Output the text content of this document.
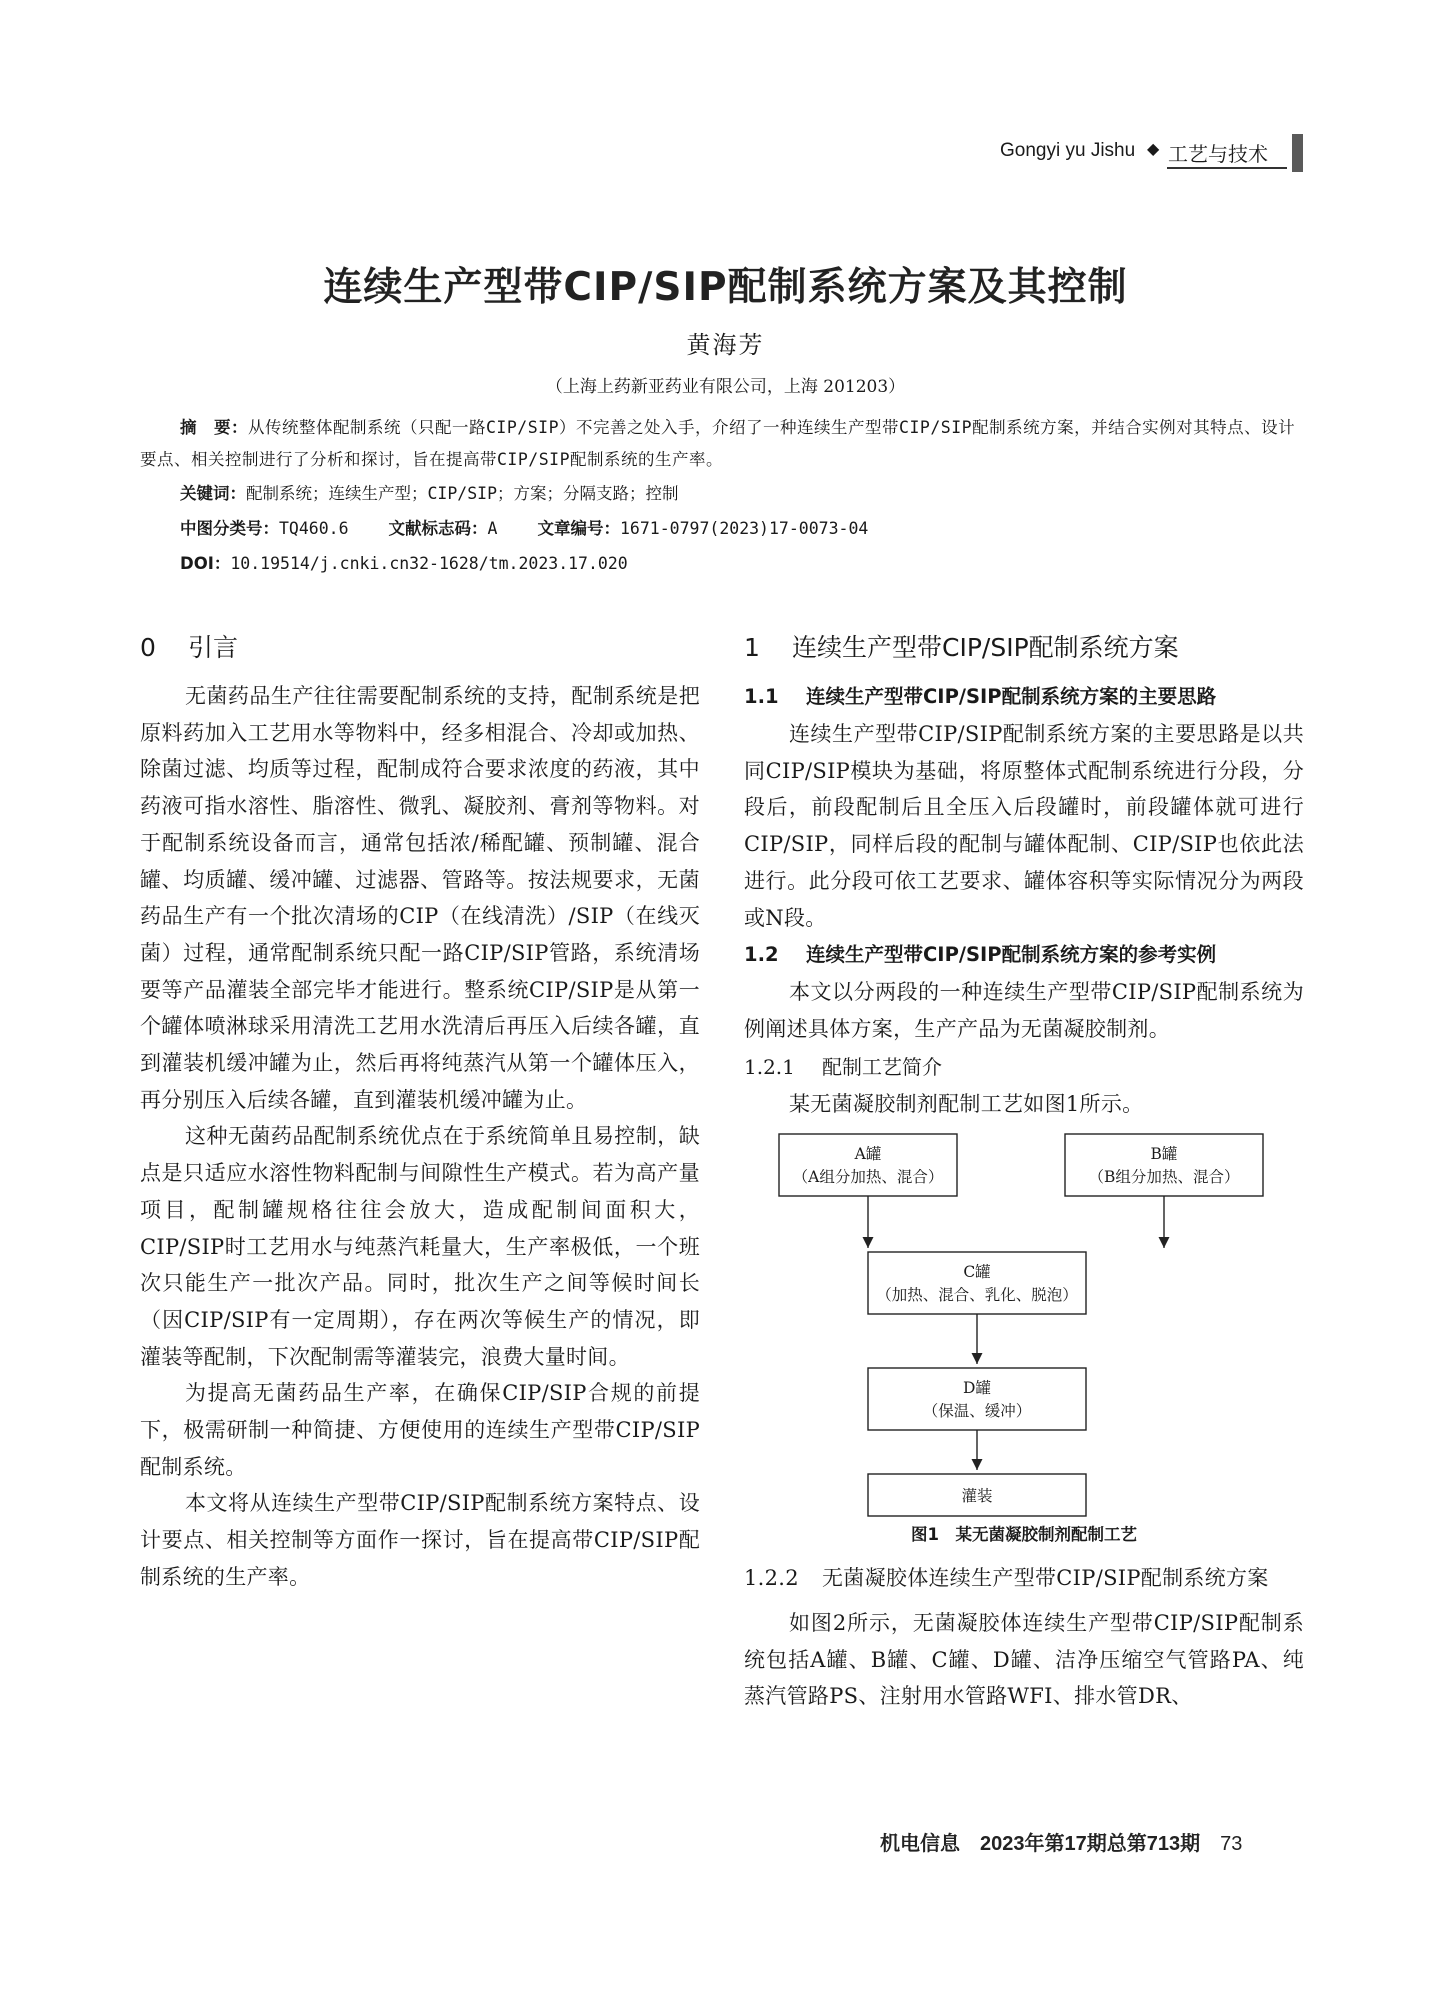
Gongyi yu Jishu ◆ 工艺与技术
连续生产型带CIP/SIP配制系统方案及其控制
黄海芳
（上海上药新亚药业有限公司，上海 201203）
摘　要：从传统整体配制系统（只配一路CIP/SIP）不完善之处入手，介绍了一种连续生产型带CIP/SIP配制系统方案，并结合实例对其特点、设计要点、相关控制进行了分析和探讨，旨在提高带CIP/SIP配制系统的生产率。
关键词：配制系统；连续生产型；CIP/SIP；方案；分隔支路；控制
中图分类号：TQ460.6 文献标志码：A 文章编号：1671-0797(2023)17-0073-04
DOI：10.19514/j.cnki.cn32-1628/tm.2023.17.020
0 引言

无菌药品生产往往需要配制系统的支持，配制系统是把原料药加入工艺用水等物料中，经多相混合、冷却或加热、除菌过滤、均质等过程，配制成符合要求浓度的药液，其中药液可指水溶性、脂溶性、微乳、凝胶剂、膏剂等物料。对于配制系统设备而言，通常包括浓/稀配罐、预制罐、混合罐、均质罐、缓冲罐、过滤器、管路等。按法规要求，无菌药品生产有一个批次清场的CIP（在线清洗）/SIP（在线灭菌）过程，通常配制系统只配一路CIP/SIP管路，系统清场要等产品灌装全部完毕才能进行。整系统CIP/SIP是从第一个罐体喷淋球采用清洗工艺用水洗清后再压入后续各罐，直到灌装机缓冲罐为止，然后再将纯蒸汽从第一个罐体压入，再分别压入后续各罐，直到灌装机缓冲罐为止。

这种无菌药品配制系统优点在于系统简单且易控制，缺点是只适应水溶性物料配制与间隙性生产模式。若为高产量项目，配制罐规格往往会放大，造成配制间面积大，CIP/SIP时工艺用水与纯蒸汽耗量大，生产率极低，一个班次只能生产一批次产品。同时，批次生产之间等候时间长（因CIP/SIP有一定周期），存在两次等候生产的情况，即灌装等配制，下次配制需等灌装完，浪费大量时间。

为提高无菌药品生产率，在确保CIP/SIP合规的前提下，极需研制一种简捷、方便使用的连续生产型带CIP/SIP配制系统。

本文将从连续生产型带CIP/SIP配制系统方案特点、设计要点、相关控制等方面作一探讨，旨在提高带CIP/SIP配制系统的生产率。

1 连续生产型带CIP/SIP配制系统方案
1.1 连续生产型带CIP/SIP配制系统方案的主要思路

连续生产型带CIP/SIP配制系统方案的主要思路是以共同CIP/SIP模块为基础，将原整体式配制系统进行分段，分段后，前段配制后且全压入后段罐时，前段罐体就可进行CIP/SIP，同样后段的配制与罐体配制、CIP/SIP也依此法进行。此分段可依工艺要求、罐体容积等实际情况分为两段或N段。

1.2 连续生产型带CIP/SIP配制系统方案的参考实例

本文以分两段的一种连续生产型带CIP/SIP配制系统为例阐述具体方案，生产产品为无菌凝胶制剂。

1.2.1 配制工艺简介

某无菌凝胶制剂配制工艺如图1所示。

A罐
（A组分加热、混合）
B罐
（B组分加热、混合）
C罐
（加热、混合、乳化、脱泡）
D罐
（保温、缓冲）
灌装

图1　某无菌凝胶制剂配制工艺

1.2.2 无菌凝胶体连续生产型带CIP/SIP配制系统方案

如图2所示，无菌凝胶体连续生产型带CIP/SIP配制系统包括A罐、B罐、C罐、D罐、洁净压缩空气管路PA、纯蒸汽管路PS、注射用水管路WFI、排水管DR、

机电信息　2023年第17期总第713期 73
